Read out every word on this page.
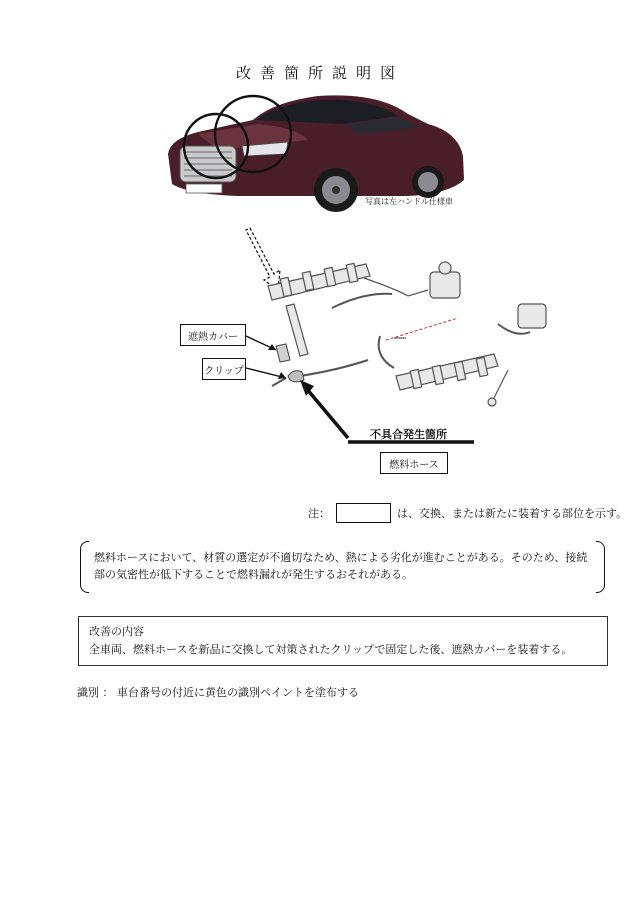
改善箇所説明図
写真は左ハンドル仕様車
遮熱カバー
クリップ
不具合発生箇所
燃料ホース
注：	は、交換、または新たに装着する部位を示す。
燃料ホースにおいて、材質の選定が不適切なため、熱による劣化が進むことがある。そのため、接続部の気密性が低下することで燃料漏れが発生するおそれがある。
改善の内容
全車両、燃料ホースを新品に交換して対策されたクリップで固定した後、遮熱カバーを装着する。
識別 ： 車台番号の付近に黄色の識別ペイントを塗布する
